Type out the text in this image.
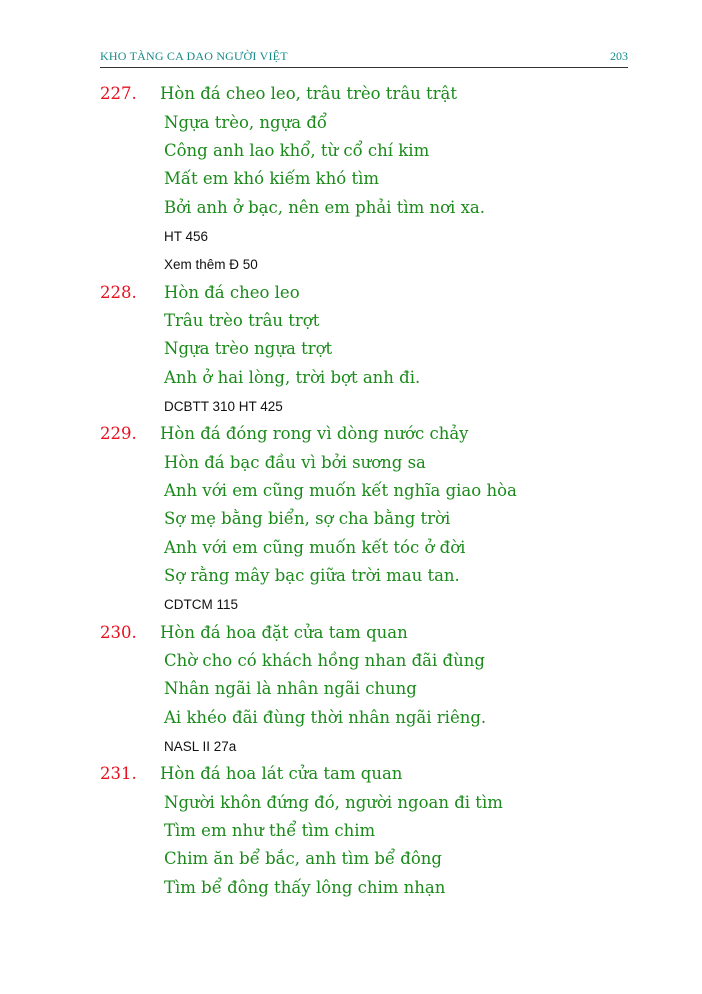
KHO TÀNG CA DAO NGƯỜI VIỆT	203
227. Hòn đá cheo leo, trâu trèo trâu trật
Ngựa trèo, ngựa đổ
Công anh lao khổ, từ cổ chí kim
Mất em khó kiếm khó tìm
Bởi anh ở bạc, nên em phải tìm nơi xa.
HT 456
Xem thêm Đ 50
228. Hòn đá cheo leo
Trâu trèo trâu trợt
Ngựa trèo ngựa trợt
Anh ở hai lòng, trời bợt anh đi.
DCBTT 310 HT 425
229. Hòn đá đóng rong vì dòng nước chảy
Hòn đá bạc đầu vì bởi sương sa
Anh với em cũng muốn kết nghĩa giao hòa
Sợ mẹ bằng biển, sợ cha bằng trời
Anh với em cũng muốn kết tóc ở đời
Sợ rằng mây bạc giữa trời mau tan.
CDTCM 115
230. Hòn đá hoa đặt cửa tam quan
Chờ cho có khách hồng nhan đãi đùng
Nhân ngãi là nhân ngãi chung
Ai khéo đãi đùng thời nhân ngãi riêng.
NASL II 27a
231. Hòn đá hoa lát cửa tam quan
Người khôn đứng đó, người ngoan đi tìm
Tìm em như thể tìm chim
Chim ăn bể bắc, anh tìm bể đông
Tìm bể đông thấy lông chim nhạn
